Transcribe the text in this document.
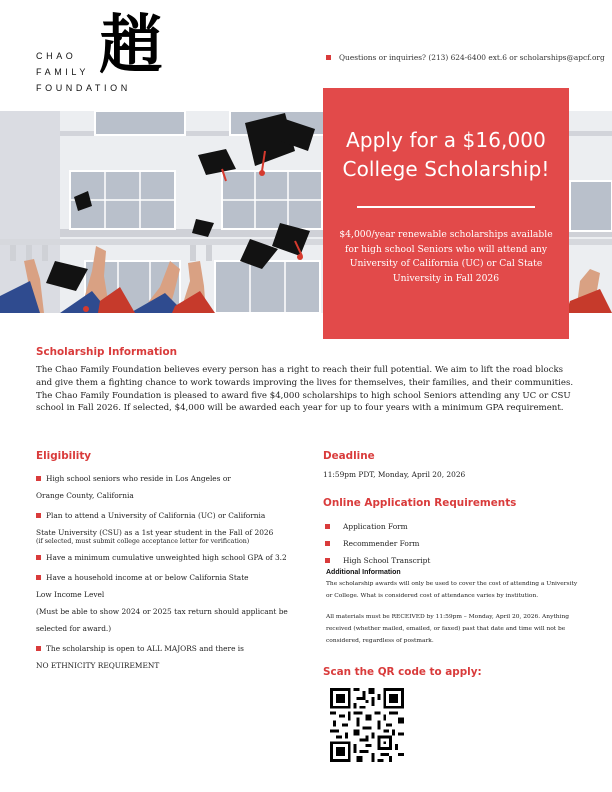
CHAO
FAMILY
FOUNDATION
趙	Questions or inquiries? (213) 624-6400 ext.6 or scholarships@apcf.org
Apply for a $16,000
College Scholarship!
$4,000/year renewable scholarships available for high school Seniors who will attend any University of California (UC) or Cal State University in Fall 2026
Scholarship Information
The Chao Family Foundation believes every person has a right to reach their full potential. We aim to lift the road blocks and give them a fighting chance to work towards improving the lives for themselves, their families, and their communities. The Chao Family Foundation is pleased to award five $4,000 scholarships to high school Seniors attending any UC or CSU school in Fall 2026. If selected, $4,000 will be awarded each year for up to four years with a minimum GPA requirement.
Eligibility
High school seniors who reside in Los Angeles or
Orange County, California
Plan to attend a University of California (UC) or California
State University (CSU) as a 1st year student in the Fall of 2026
(if selected, must submit college acceptance letter for verification)
Have a minimum cumulative unweighted high school GPA of 3.2
Have a household income at or below California State
Low Income Level
(Must be able to show 2024 or 2025 tax return should applicant be
selected for award.)
The scholarship is open to ALL MAJORS and there is
NO ETHNICITY REQUIREMENT
Deadline
11:59pm PDT, Monday, April 20, 2026
Online Application Requirements
Application Form
Recommender Form
High School Transcript
Additional Information
The scholarship awards will only be used to cover the cost of attending a University or College. What is considered cost of attendance varies by institution.
All materials must be RECEIVED by 11:59pm – Monday, April 20, 2026. Anything received (whether mailed, emailed, or faxed) past that date and time will not be considered, regardless of postmark.
Scan the QR code to apply:
